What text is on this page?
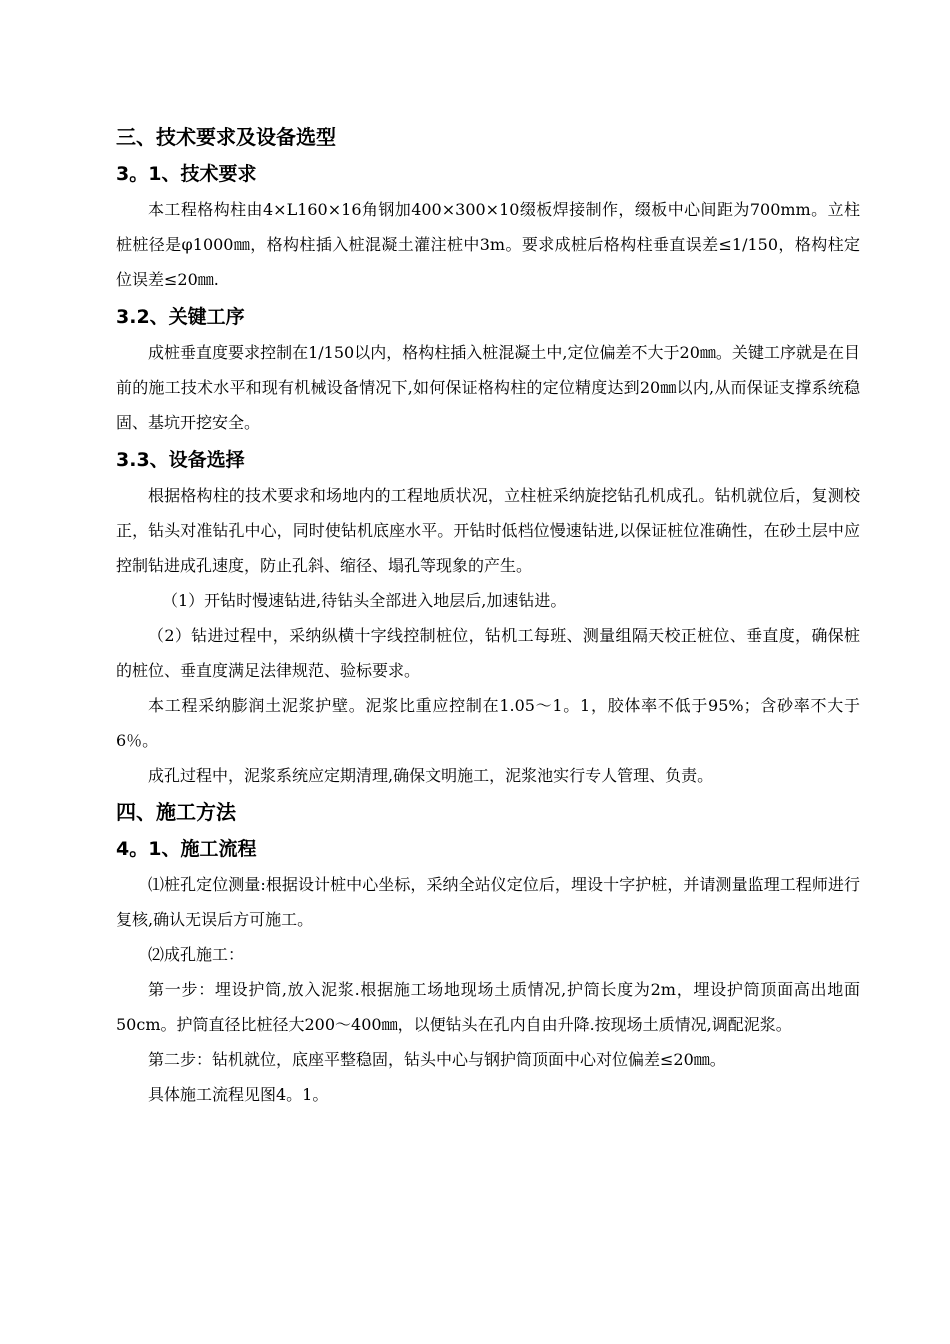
三、技术要求及设备选型
3。1、技术要求

本工程格构柱由4×L160×16角钢加400×300×10缀板焊接制作，缀板中心间距为700mm。立柱桩桩径是φ1000㎜，格构柱插入桩混凝土灌注桩中3m。要求成桩后格构柱垂直误差≤1/150，格构柱定位误差≤20㎜.

3.2、关键工序

成桩垂直度要求控制在1/150以内，格构柱插入桩混凝土中,定位偏差不大于20㎜。关键工序就是在目前的施工技术水平和现有机械设备情况下,如何保证格构柱的定位精度达到20㎜以内,从而保证支撑系统稳固、基坑开挖安全。

3.3、设备选择

根据格构柱的技术要求和场地内的工程地质状况，立柱桩采纳旋挖钻孔机成孔。钻机就位后，复测校正，钻头对准钻孔中心，同时使钻机底座水平。开钻时低档位慢速钻进,以保证桩位准确性，在砂土层中应控制钻进成孔速度，防止孔斜、缩径、塌孔等现象的产生。

（1）开钻时慢速钻进,待钻头全部进入地层后,加速钻进。

（2）钻进过程中，采纳纵横十字线控制桩位，钻机工每班、测量组隔天校正桩位、垂直度，确保桩的桩位、垂直度满足法律规范、验标要求。

本工程采纳膨润土泥浆护壁。泥浆比重应控制在1.05～1。1，胶体率不低于95%；含砂率不大于6％。

成孔过程中，泥浆系统应定期清理,确保文明施工，泥浆池实行专人管理、负责。

四、施工方法
4。1、施工流程

⑴桩孔定位测量:根据设计桩中心坐标，采纳全站仪定位后，埋设十字护桩，并请测量监理工程师进行复核,确认无误后方可施工。

⑵成孔施工：

第一步：埋设护筒,放入泥浆.根据施工场地现场土质情况,护筒长度为2m，埋设护筒顶面高出地面50cm。护筒直径比桩径大200～400㎜，以便钻头在孔内自由升降.按现场土质情况,调配泥浆。

第二步：钻机就位，底座平整稳固，钻头中心与钢护筒顶面中心对位偏差≤20㎜。

具体施工流程见图4。1。
